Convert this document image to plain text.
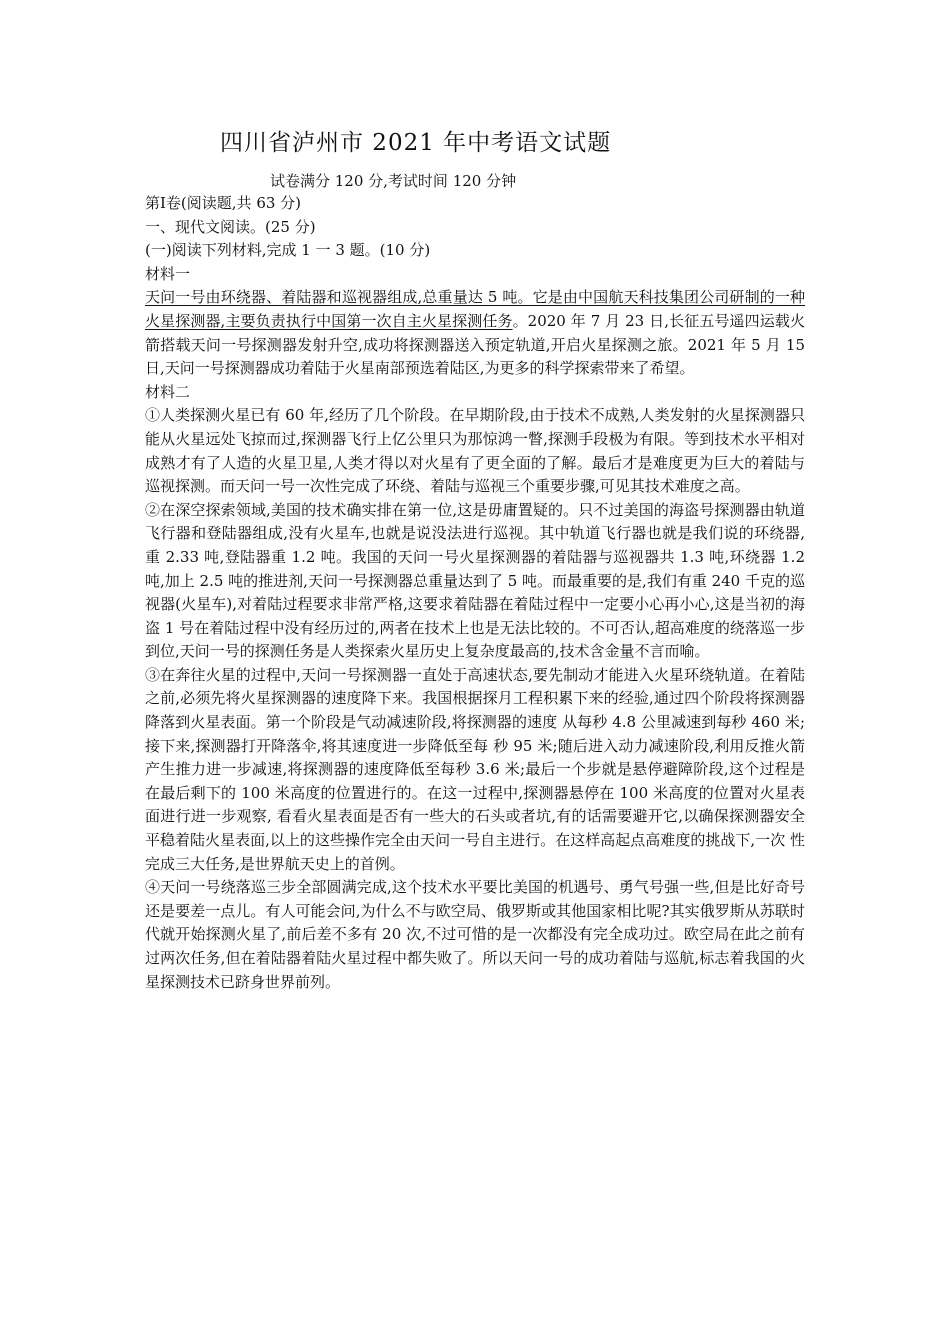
四川省泸州市 2021 年中考语文试题
试卷满分 120 分,考试时间 120 分钟

第Ⅰ卷(阅读题,共 63 分)

一、现代文阅读。(25 分)

(一)阅读下列材料,完成 1 一 3 题。(10 分)

材料一

天问一号由环绕器、着陆器和巡视器组成,总重量达 5 吨。它是由中国航天科技集团公司研制的一种火星探测器,主要负责执行中国第一次自主火星探测任务。2020 年 7 月 23 日,长征五号遥四运载火箭搭载天问一号探测器发射升空,成功将探测器送入预定轨道,开启火星探测之旅。2021 年 5 月 15 日,天问一号探测器成功着陆于火星南部预选着陆区,为更多的科学探索带来了希望。

材料二

①人类探测火星已有 60 年,经历了几个阶段。在早期阶段,由于技术不成熟,人类发射的火星探测器只能从火星远处飞掠而过,探测器飞行上亿公里只为那惊鸿一瞥,探测手段极为有限。等到技术水平相对成熟才有了人造的火星卫星,人类才得以对火星有了更全面的了解。最后才是难度更为巨大的着陆与巡视探测。而天问一号一次性完成了环绕、着陆与巡视三个重要步骤,可见其技术难度之高。

②在深空探索领域,美国的技术确实排在第一位,这是毋庸置疑的。只不过美国的海盗号探测器由轨道飞行器和登陆器组成,没有火星车,也就是说没法进行巡视。其中轨道飞行器也就是我们说的环绕器, 重 2.33 吨,登陆器重 1.2 吨。我国的天问一号火星探测器的着陆器与巡视器共 1.3 吨,环绕器 1.2 吨,加上 2.5 吨的推进剂,天问一号探测器总重量达到了 5 吨。而最重要的是,我们有重 240 千克的巡视器(火星车),对着陆过程要求非常严格,这要求着陆器在着陆过程中一定要小心再小心,这是当初的海盗 1 号在着陆过程中没有经历过的,两者在技术上也是无法比较的。不可否认,超高难度的绕落巡一步到位,天问一号的探测任务是人类探索火星历史上复杂度最高的,技术含金量不言而喻。

③在奔往火星的过程中,天问一号探测器一直处于高速状态,要先制动才能进入火星环绕轨道。在着陆之前,必须先将火星探测器的速度降下来。我国根据探月工程积累下来的经验,通过四个阶段将探测器降落到火星表面。第一个阶段是气动减速阶段,将探测器的速度 从每秒 4.8 公里减速到每秒 460 米;接下来,探测器打开降落伞,将其速度进一步降低至每 秒 95 米;随后进入动力减速阶段,利用反推火箭产生推力进一步减速,将探测器的速度降低至每秒 3.6 米;最后一个步就是悬停避障阶段,这个过程是在最后剩下的 100 米高度的位置进行的。在这一过程中,探测器悬停在 100 米高度的位置对火星表面进行进一步观察, 看看火星表面是否有一些大的石头或者坑,有的话需要避开它,以确保探测器安全平稳着陆火星表面,以上的这些操作完全由天问一号自主进行。在这样高起点高难度的挑战下,一次 性完成三大任务,是世界航天史上的首例。

④天问一号绕落巡三步全部圆满完成,这个技术水平要比美国的机遇号、勇气号强一些,但是比好奇号还是要差一点儿。有人可能会问,为什么不与欧空局、俄罗斯或其他国家相比呢?其实俄罗斯从苏联时代就开始探测火星了,前后差不多有 20 次,不过可惜的是一次都没有完全成功过。欧空局在此之前有过两次任务,但在着陆器着陆火星过程中都失败了。所以天问一号的成功着陆与巡航,标志着我国的火星探测技术已跻身世界前列。
